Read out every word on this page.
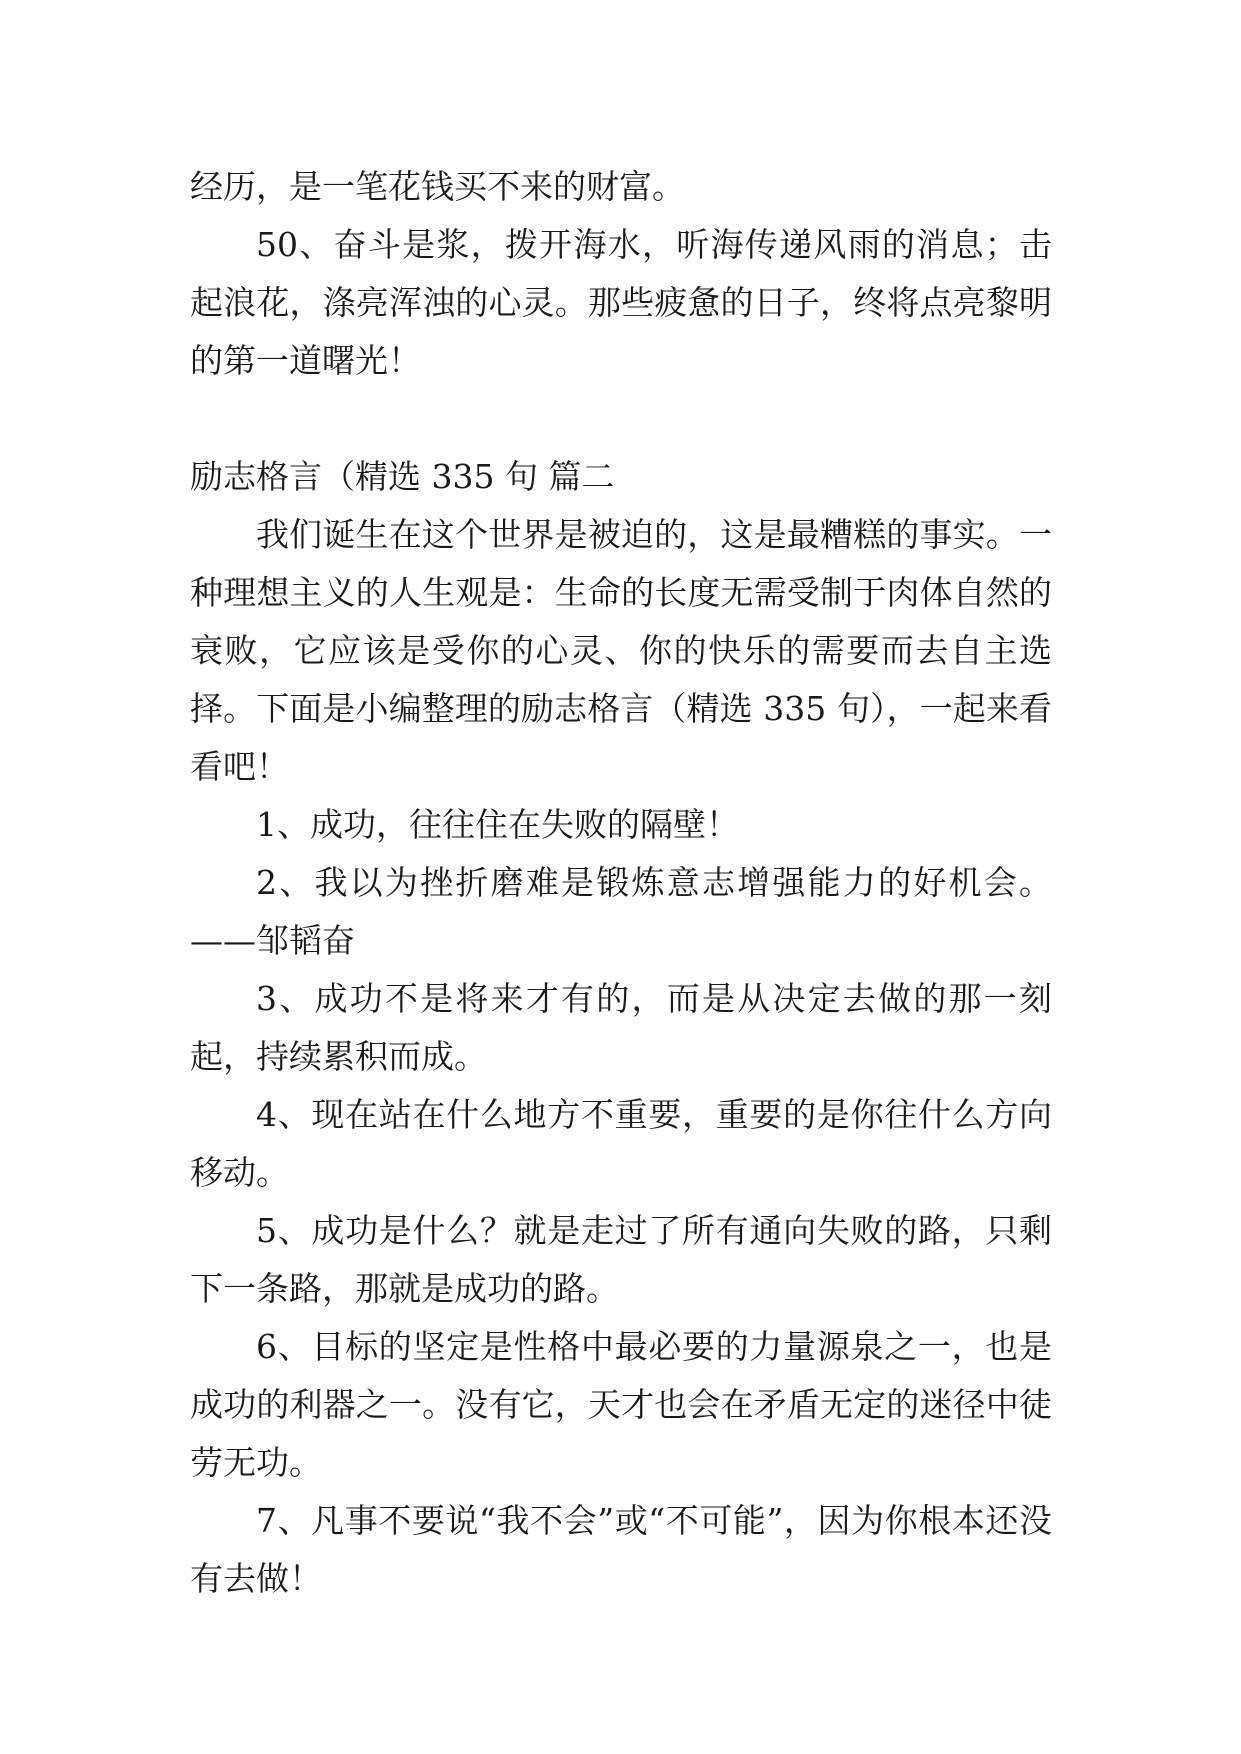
经历，是一笔花钱买不来的财富。

50、奋斗是浆，拨开海水，听海传递风雨的消息；击起浪花，涤亮浑浊的心灵。那些疲惫的日子，终将点亮黎明的第一道曙光！

励志格言（精选 335 句 篇二

我们诞生在这个世界是被迫的，这是最糟糕的事实。一种理想主义的人生观是：生命的长度无需受制于肉体自然的衰败，它应该是受你的心灵、你的快乐的需要而去自主选择。下面是小编整理的励志格言（精选 335 句），一起来看看吧！

1、成功，往往住在失败的隔壁！

2、我以为挫折磨难是锻炼意志增强能力的好机会。——邹韬奋

3、成功不是将来才有的，而是从决定去做的那一刻起，持续累积而成。

4、现在站在什么地方不重要，重要的是你往什么方向移动。

5、成功是什么？就是走过了所有通向失败的路，只剩下一条路，那就是成功的路。

6、目标的坚定是性格中最必要的力量源泉之一，也是成功的利器之一。没有它，天才也会在矛盾无定的迷径中徒劳无功。

7、凡事不要说“我不会”或“不可能”，因为你根本还没有去做！
